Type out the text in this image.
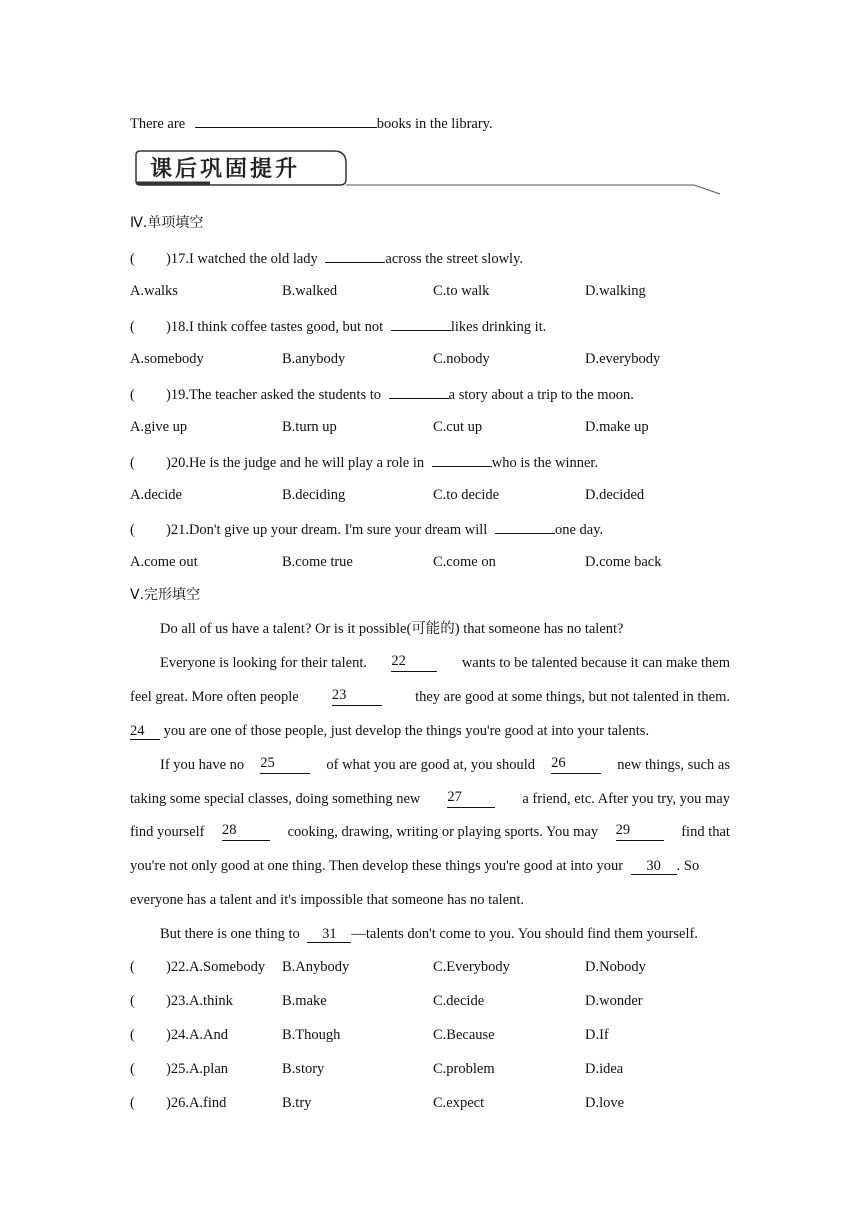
There are	books in the library.
课后巩固提升
Ⅳ.单项填空
( )17.I watched the old lady	across the street slowly.
A.walks	B.walked	C.to walk	D.walking
( )18.I think coffee tastes good, but not	likes drinking it.
A.somebody	B.anybody	C.nobody	D.everybody
( )19.The teacher asked the students to	a story about a trip to the moon.
A.give up	B.turn up	C.cut up	D.make up
( )20.He is the judge and he will play a role in	who is the winner.
A.decide	B.deciding	C.to decide	D.decided
( )21.Don't give up your dream. I'm sure your dream will	one day.
A.come out	B.come true	C.come on	D.come back
Ⅴ.完形填空
Do all of us have a talent? Or is it possible(可能的) that someone has no talent?
Everyone is looking for their talent. 22	wants to be talented because it can make them
feel great. More often people 23	they are good at some things, but not talented in them.
24 you are one of those people, just develop the things you're good at into your talents.
If you have no 25	of what you are good at, you should 26	new things, such as
taking some special classes, doing something new 27	a friend, etc. After you try, you may
find yourself 28	cooking, drawing, writing or playing sports. You may 29	find that
you're not only good at one thing. Then develop these things you're good at into your 30 . So
everyone has a talent and it's impossible that someone has no talent.
But there is one thing to 31 —talents don't come to you. You should find them yourself.
( )22.A.Somebody B.Anybody	C.Everybody	D.Nobody
( )23.A.think	B.make	C.decide	D.wonder
( )24.A.And	B.Though	C.Because	D.If
( )25.A.plan	B.story	C.problem	D.idea
( )26.A.find	B.try	C.expect	D.love
